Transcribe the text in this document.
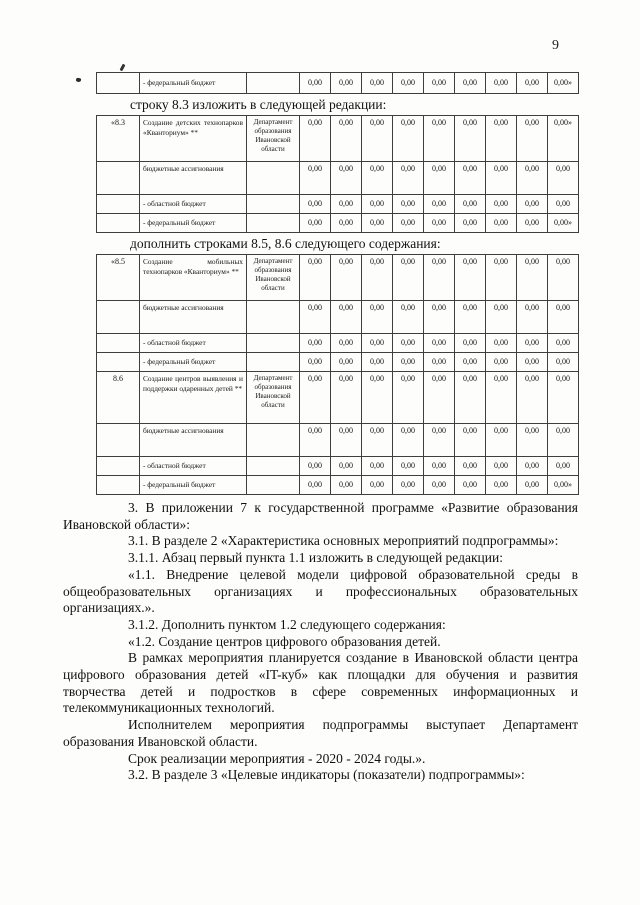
9
	- федеральный бюджет		0,00	0,00	0,00	0,00	0,00	0,00	0,00	0,00	0,00»
строку 8.3 изложить в следующей редакции:
«8.3	Создание детских технопарков «Кванториум» **	Департамент образования Ивановской области	0,00	0,00	0,00	0,00	0,00	0,00	0,00	0,00	0,00»
	бюджетные ассигнования		0,00	0,00	0,00	0,00	0,00	0,00	0,00	0,00	0,00
	- областной бюджет		0,00	0,00	0,00	0,00	0,00	0,00	0,00	0,00	0,00
	- федеральный бюджет		0,00	0,00	0,00	0,00	0,00	0,00	0,00	0,00	0,00»
дополнить строками 8.5, 8.6 следующего содержания:
«8.5	Создание мобильных технопарков «Кванториум» **	Департамент образования Ивановской области	0,00	0,00	0,00	0,00	0,00	0,00	0,00	0,00	0,00
	бюджетные ассигнования		0,00	0,00	0,00	0,00	0,00	0,00	0,00	0,00	0,00
	- областной бюджет		0,00	0,00	0,00	0,00	0,00	0,00	0,00	0,00	0,00
	- федеральный бюджет		0,00	0,00	0,00	0,00	0,00	0,00	0,00	0,00	0,00
8.6	Создание центров выявления и поддержки одаренных детей **	Департамент образования Ивановской области	0,00	0,00	0,00	0,00	0,00	0,00	0,00	0,00	0,00
	бюджетные ассигнования		0,00	0,00	0,00	0,00	0,00	0,00	0,00	0,00	0,00
	- областной бюджет		0,00	0,00	0,00	0,00	0,00	0,00	0,00	0,00	0,00
	- федеральный бюджет		0,00	0,00	0,00	0,00	0,00	0,00	0,00	0,00	0,00»

3. В приложении 7 к государственной программе «Развитие образования Ивановской области»:

3.1. В разделе 2 «Характеристика основных мероприятий подпрограммы»:

3.1.1. Абзац первый пункта 1.1 изложить в следующей редакции:

«1.1. Внедрение целевой модели цифровой образовательной среды в общеобразовательных организациях и профессиональных образовательных организациях.».

3.1.2. Дополнить пунктом 1.2 следующего содержания:

«1.2. Создание центров цифрового образования детей.

В рамках мероприятия планируется создание в Ивановской области центра цифрового образования детей «IT-куб» как площадки для обучения и развития творчества детей и подростков в сфере современных информационных и телекоммуникационных технологий.

Исполнителем мероприятия подпрограммы выступает Департамент образования Ивановской области.

Срок реализации мероприятия - 2020 - 2024 годы.».

3.2. В разделе 3 «Целевые индикаторы (показатели) подпрограммы»:
